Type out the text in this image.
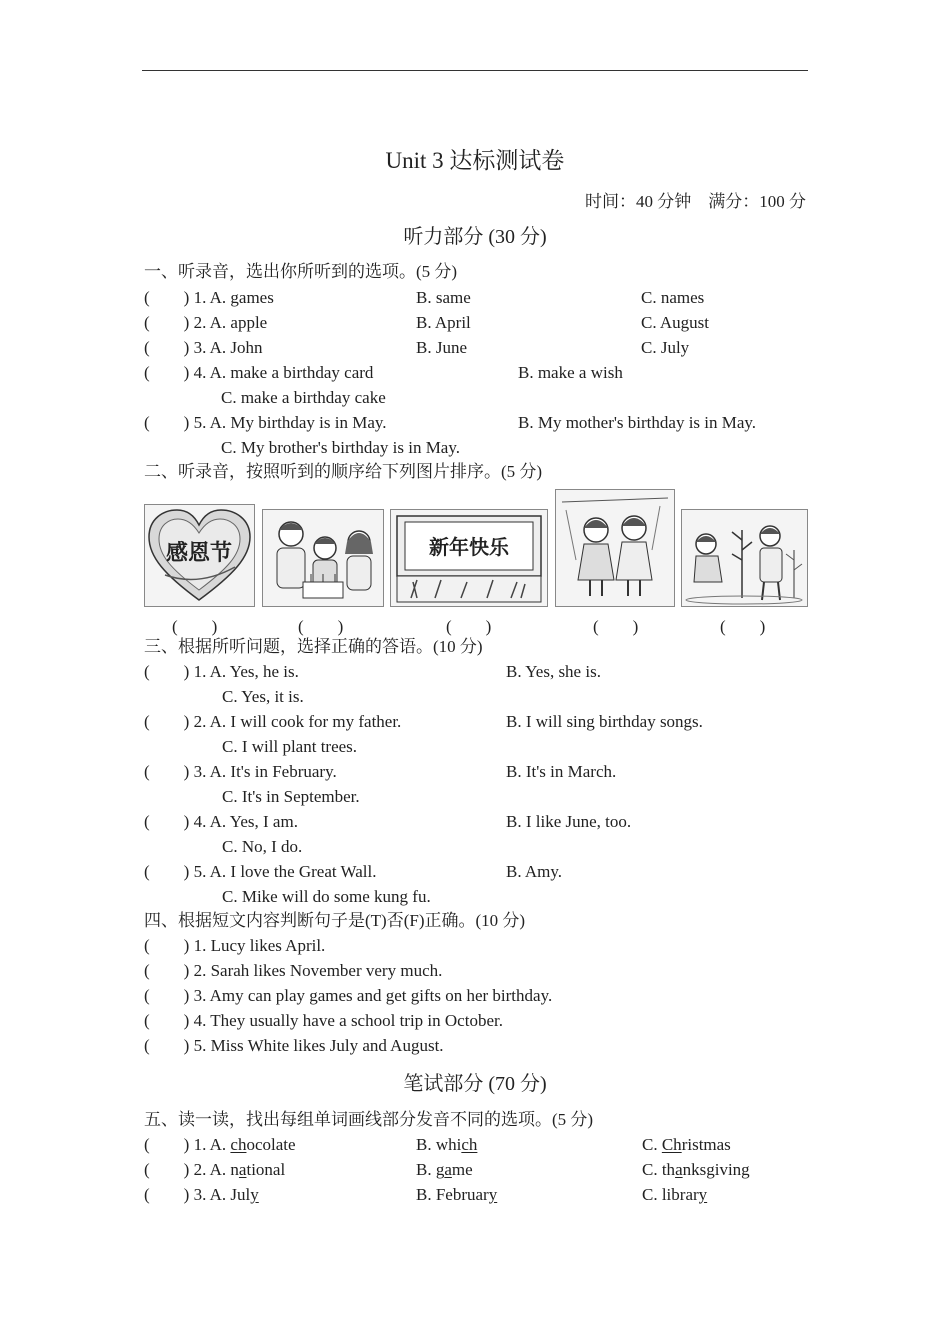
Unit 3 达标测试卷
时间：40 分钟 满分：100 分
听力部分 (30 分)
一、听录音，选出你所听到的选项。(5 分)
(　　) 1. A. games	B. same	C. names
(　　) 2. A. apple	B. April	C. August
(　　) 3. A. John	B. June	C. July
(　　) 4. A. make a birthday card	B. make a wish
C. make a birthday cake
(　　) 5. A. My birthday is in May.	B. My mother's birthday is in May.
C. My brother's birthday is in May.
二、听录音，按照听到的顺序给下列图片排序。(5 分)
感恩节	新年快乐
(　　)	(　　)	(　　)	(　　)	(　　)
三、根据所听问题，选择正确的答语。(10 分)
(　　) 1. A. Yes, he is.	B. Yes, she is.
C. Yes, it is.
(　　) 2. A. I will cook for my father.	B. I will sing birthday songs.
C. I will plant trees.
(　　) 3. A. It's in February.	B. It's in March.
C. It's in September.
(　　) 4. A. Yes, I am.	B. I like June, too.
C. No, I do.
(　　) 5. A. I love the Great Wall.	B. Amy.
C. Mike will do some kung fu.
四、根据短文内容判断句子是(T)否(F)正确。(10 分)
(　　) 1. Lucy likes April.
(　　) 2. Sarah likes November very much.
(　　) 3. Amy can play games and get gifts on her birthday.
(　　) 4. They usually have a school trip in October.
(　　) 5. Miss White likes July and August.
笔试部分 (70 分)
五、读一读，找出每组单词画线部分发音不同的选项。(5 分)
(　　) 1. A. chocolate	B. which	C. Christmas
(　　) 2. A. national	B. game	C. thanksgiving
(　　) 3. A. July	B. February	C. library
